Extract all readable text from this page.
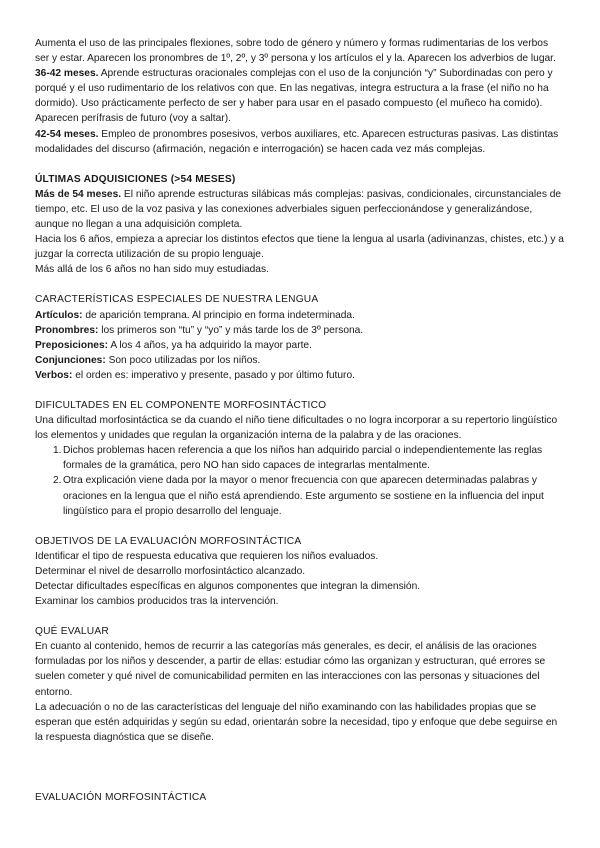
Aumenta el uso de las principales flexiones, sobre todo de género y número y formas rudimentarias de los verbos ser y estar. Aparecen los pronombres de 1º, 2º, y 3º persona y los artículos el y la. Aparecen los adverbios de lugar.

36-42 meses. Aprende estructuras oracionales complejas con el uso de la conjunción “y” Subordinadas con pero y porqué y el uso rudimentario de los relativos con que. En las negativas, integra estructura a la frase (el niño no ha dormido). Uso prácticamente perfecto de ser y haber para usar en el pasado compuesto (el muñeco ha comido). Aparecen perífrasis de futuro (voy a saltar).

42-54 meses. Empleo de pronombres posesivos, verbos auxiliares, etc. Aparecen estructuras pasivas. Las distintas modalidades del discurso (afirmación, negación e interrogación) se hacen cada vez más complejas.

ÚLTIMAS ADQUISICIONES (>54 MESES)

Más de 54 meses. El niño aprende estructuras silábicas más complejas: pasivas, condicionales, circunstanciales de tiempo, etc. El uso de la voz pasiva y las conexiones adverbiales siguen perfeccionándose y generalizándose, aunque no llegan a una adquisición completa.

Hacia los 6 años, empieza a apreciar los distintos efectos que tiene la lengua al usarla (adivinanzas, chistes, etc.) y a juzgar la correcta utilización de su propio lenguaje.

Más allá de los 6 años no han sido muy estudiadas.

CARACTERÍSTICAS ESPECIALES DE NUESTRA LENGUA

Artículos: de aparición temprana. Al principio en forma indeterminada.

Pronombres: los primeros son “tu” y “yo” y más tarde los de 3º persona.

Preposiciones: A los 4 años, ya ha adquirido la mayor parte.

Conjunciones: Son poco utilizadas por los niños.

Verbos: el orden es: imperativo y presente, pasado y por último futuro.

DIFICULTADES EN EL COMPONENTE MORFOSINTÁCTICO

Una dificultad morfosintáctica se da cuando el niño tiene dificultades o no logra incorporar a su repertorio lingüístico los elementos y unidades que regulan la organización interna de la palabra y de las oraciones.

1. Dichos problemas hacen referencia a que los niños han adquirido parcial o independientemente las reglas formales de la gramática, pero NO han sido capaces de integrarlas mentalmente.
2. Otra explicación viene dada por la mayor o menor frecuencia con que aparecen determinadas palabras y oraciones en la lengua que el niño está aprendiendo. Este argumento se sostiene en la influencia del input lingüístico para el propio desarrollo del lenguaje.

OBJETIVOS DE LA EVALUACIÓN MORFOSINTÁCTICA

Identificar el tipo de respuesta educativa que requieren los niños evaluados.

Determinar el nivel de desarrollo morfosintáctico alcanzado.

Detectar dificultades específicas en algunos componentes que integran la dimensión.

Examinar los cambios producidos tras la intervención.

QUÉ EVALUAR

En cuanto al contenido, hemos de recurrir a las categorías más generales, es decir, el análisis de las oraciones formuladas por los niños y descender, a partir de ellas: estudiar cómo las organizan y estructuran, qué errores se suelen cometer y qué nivel de comunicabilidad permiten en las interacciones con las personas y situaciones del entorno.

La adecuación o no de las características del lenguaje del niño examinando con las habilidades propias que se esperan que estén adquiridas y según su edad, orientarán sobre la necesidad, tipo y enfoque que debe seguirse en la respuesta diagnóstica que se diseñe.

EVALUACIÓN MORFOSINTÁCTICA
